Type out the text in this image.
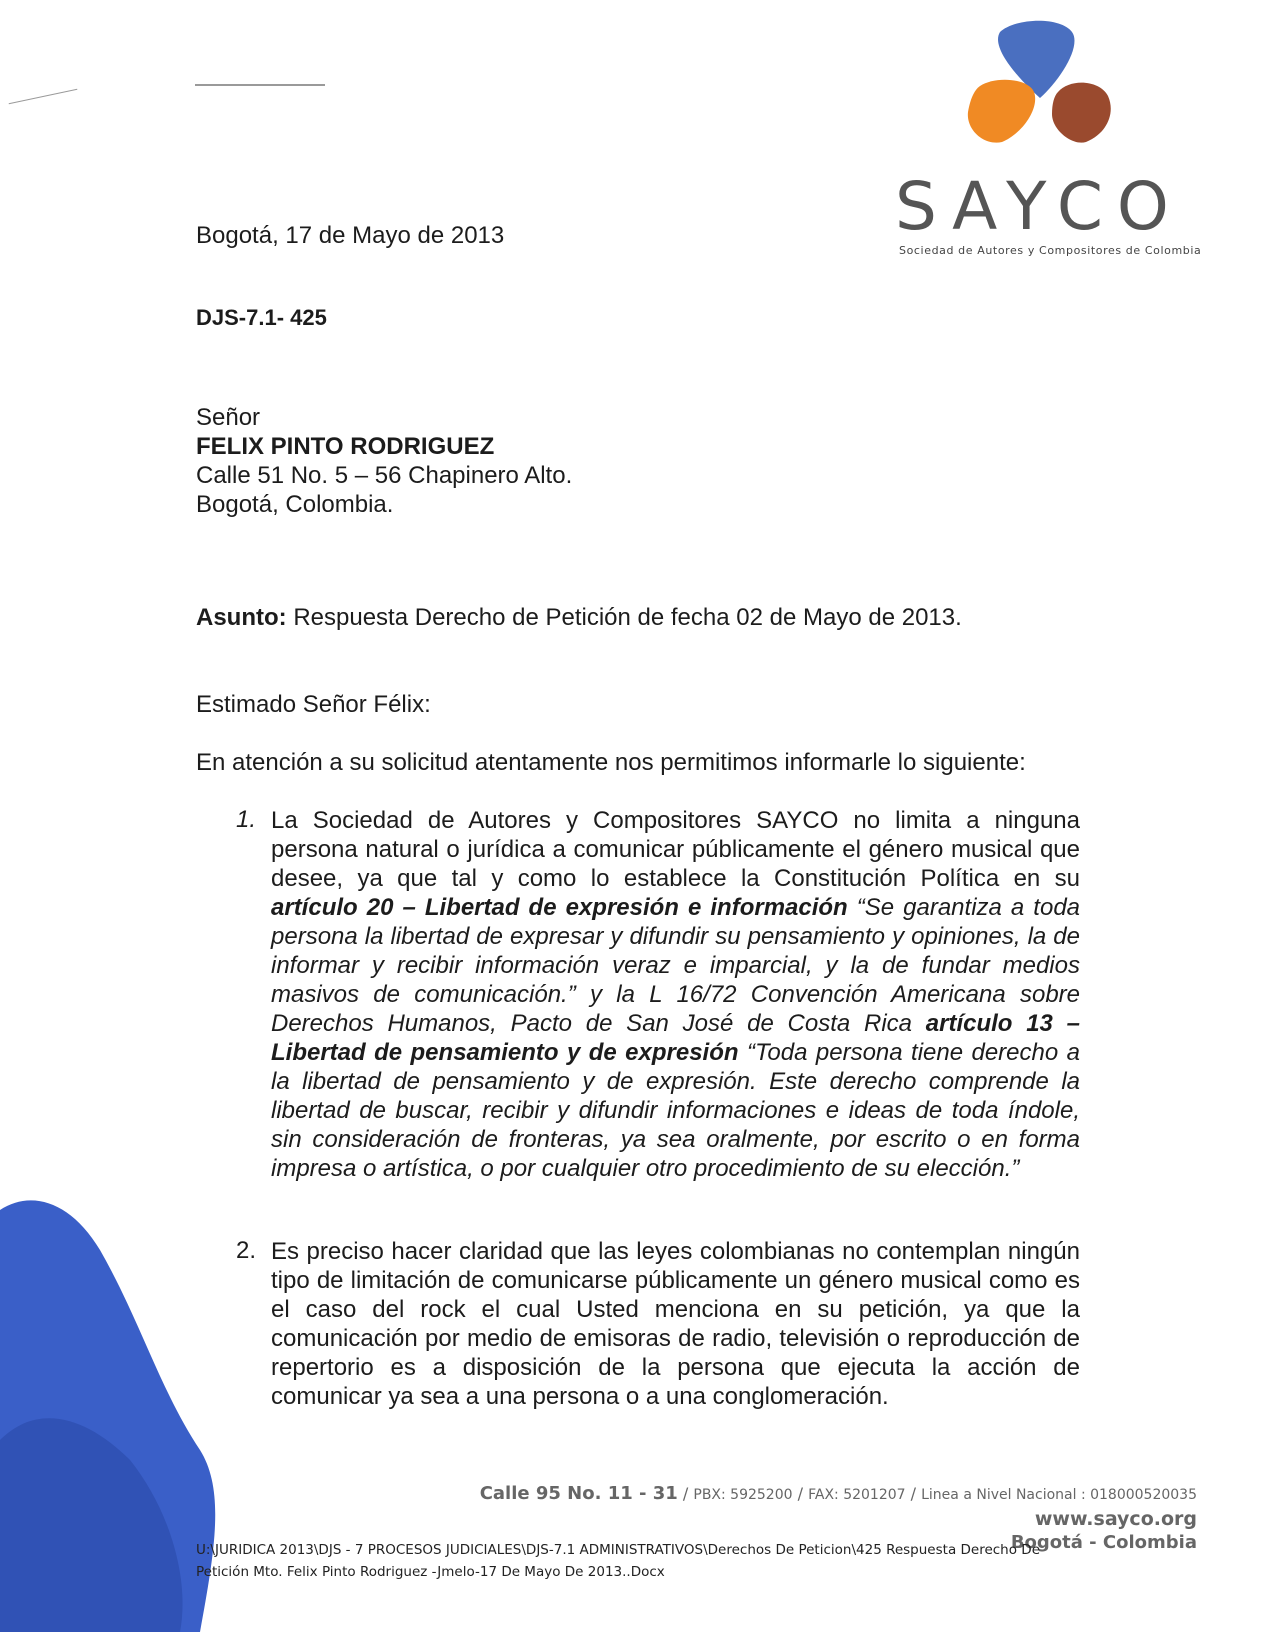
SAYCO
Sociedad de Autores y Compositores de Colombia
Bogotá, 17 de Mayo de 2013
DJS-7.1- 425
Señor
FELIX PINTO RODRIGUEZ
Calle 51 No. 5 – 56 Chapinero Alto.
Bogotá, Colombia.
Asunto: Respuesta Derecho de Petición de fecha 02 de Mayo de 2013.
Estimado Señor Félix:
En atención a su solicitud atentamente nos permitimos informarle lo siguiente:
1. La Sociedad de Autores y Compositores SAYCO no limita a ninguna persona natural o jurídica a comunicar públicamente el género musical que desee, ya que tal y como lo establece la Constitución Política en su artículo 20 – Libertad de expresión e información “Se garantiza a toda persona la libertad de expresar y difundir su pensamiento y opiniones, la de informar y recibir información veraz e imparcial, y la de fundar medios masivos de comunicación.” y la L 16/72 Convención Americana sobre Derechos Humanos, Pacto de San José de Costa Rica artículo 13 – Libertad de pensamiento y de expresión “Toda persona tiene derecho a la libertad de pensamiento y de expresión. Este derecho comprende la libertad de buscar, recibir y difundir informaciones e ideas de toda índole, sin consideración de fronteras, ya sea oralmente, por escrito o en forma impresa o artística, o por cualquier otro procedimiento de su elección.”
2. Es preciso hacer claridad que las leyes colombianas no contemplan ningún tipo de limitación de comunicarse públicamente un género musical como es el caso del rock el cual Usted menciona en su petición, ya que la comunicación por medio de emisoras de radio, televisión o reproducción de repertorio es a disposición de la persona que ejecuta la acción de comunicar ya sea a una persona o a una conglomeración.
Calle 95 No. 11 - 31 / PBX: 5925200 / FAX: 5201207 / Linea a Nivel Nacional : 018000520035
www.sayco.org
Bogotá - Colombia
U:\JURIDICA 2013\DJS - 7 PROCESOS JUDICIALES\DJS-7.1 ADMINISTRATIVOS\Derechos De Peticion\425 Respuesta Derecho De Petición Mto. Felix Pinto Rodriguez -Jmelo-17 De Mayo De 2013..Docx
